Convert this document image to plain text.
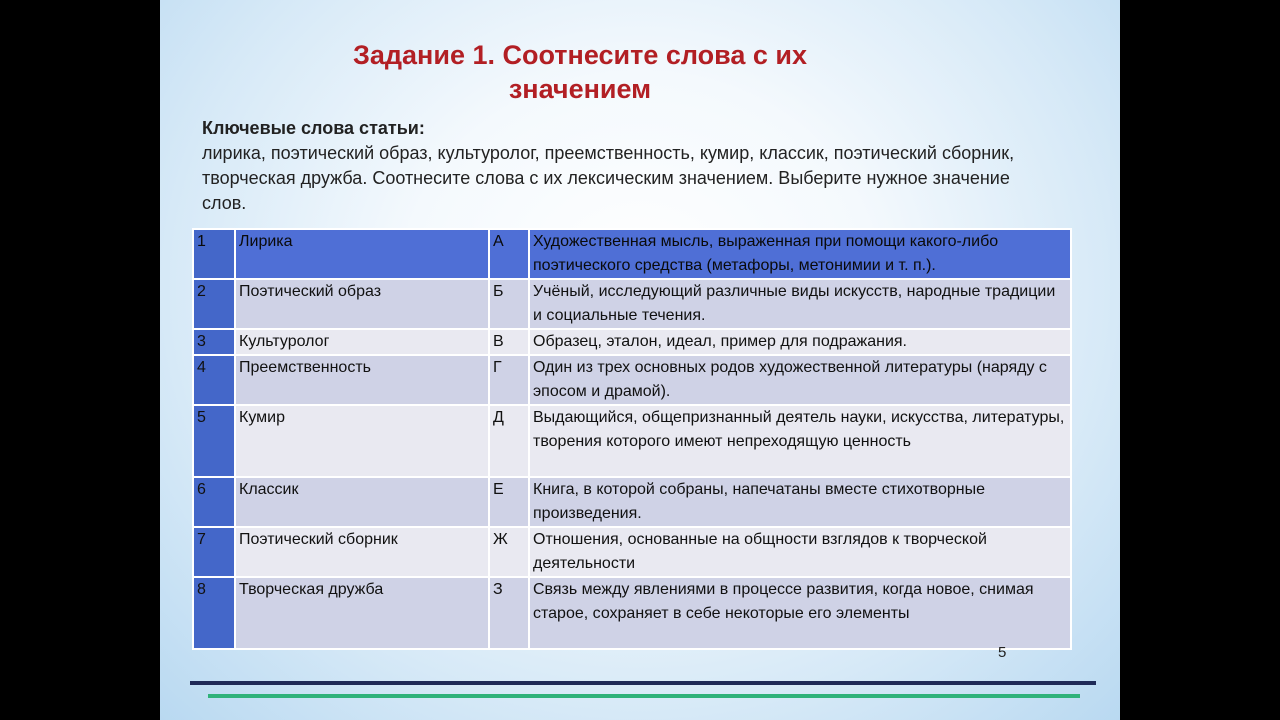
Задание 1. Соотнесите слова с их значением
Ключевые слова статьи:
лирика, поэтический образ, культуролог, преемственность, кумир, классик, поэтический сборник, творческая дружба. Соотнесите слова с их лексическим значением. Выберите нужное значение слов.
1	Лирика	А	Художественная мысль, выраженная при помощи какого-либо поэтического средства (метафоры, метонимии и т. п.).
2	Поэтический образ	Б	Учёный, исследующий различные виды искусств, народные традиции и социальные течения.
3	Культуролог	В	Образец, эталон, идеал, пример для подражания.
4	Преемственность	Г	Один из трех основных родов художественной литературы (наряду с эпосом и драмой).
5	Кумир	Д	Выдающийся, общепризнанный деятель науки, искусства, литературы, творения которого имеют непреходящую ценность
6	Классик	Е	Книга, в которой собраны, напечатаны вместе стихотворные произведения.
7	Поэтический сборник	Ж	Отношения, основанные на общности взглядов к творческой деятельности
8	Творческая дружба	З	Связь между явлениями в процессе развития, когда новое, снимая старое, сохраняет в себе некоторые его элементы
5
